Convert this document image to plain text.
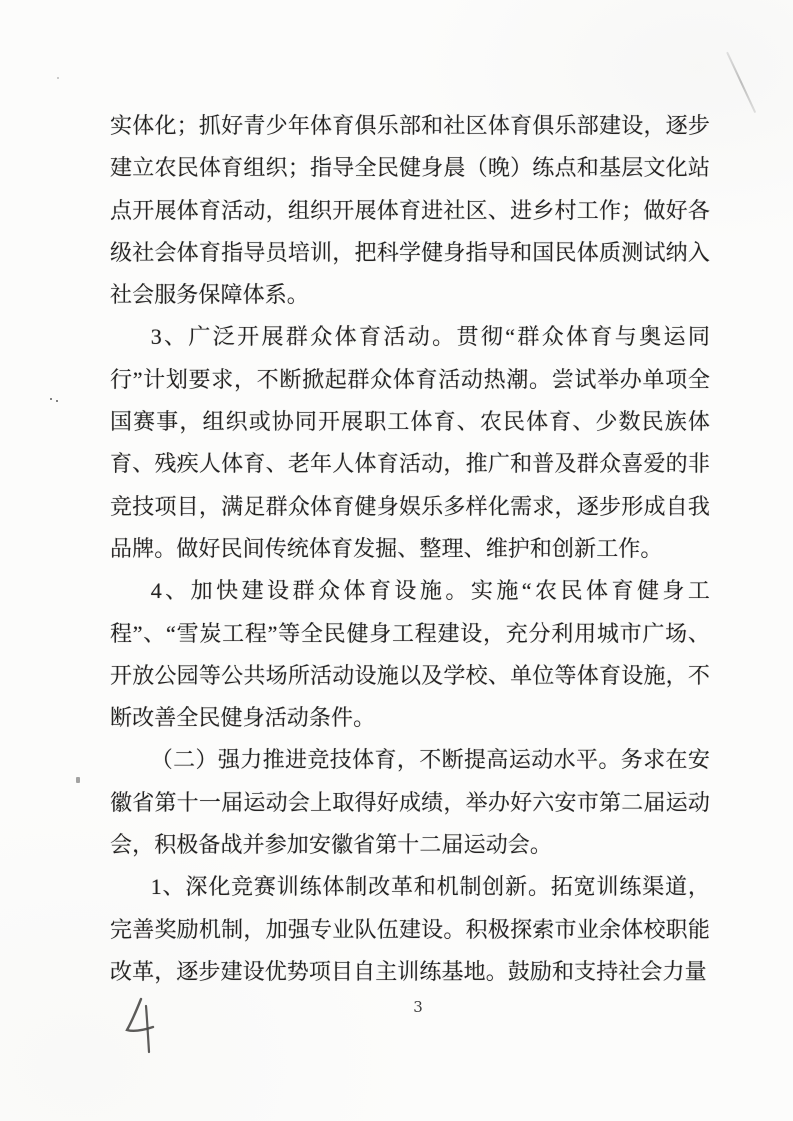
实体化；抓好青少年体育俱乐部和社区体育俱乐部建设，逐步建立农民体育组织；指导全民健身晨（晚）练点和基层文化站点开展体育活动，组织开展体育进社区、进乡村工作；做好各级社会体育指导员培训，把科学健身指导和国民体质测试纳入社会服务保障体系。

3、广泛开展群众体育活动。贯彻“群众体育与奥运同行”计划要求，不断掀起群众体育活动热潮。尝试举办单项全国赛事，组织或协同开展职工体育、农民体育、少数民族体育、残疾人体育、老年人体育活动，推广和普及群众喜爱的非竞技项目，满足群众体育健身娱乐多样化需求，逐步形成自我品牌。做好民间传统体育发掘、整理、维护和创新工作。

4、加快建设群众体育设施。实施“农民体育健身工程”、“雪炭工程”等全民健身工程建设，充分利用城市广场、开放公园等公共场所活动设施以及学校、单位等体育设施，不断改善全民健身活动条件。

（二）强力推进竞技体育，不断提高运动水平。务求在安徽省第十一届运动会上取得好成绩，举办好六安市第二届运动会，积极备战并参加安徽省第十二届运动会。

1、深化竞赛训练体制改革和机制创新。拓宽训练渠道，完善奖励机制，加强专业队伍建设。积极探索市业余体校职能改革，逐步建设优势项目自主训练基地。鼓励和支持社会力量

3
